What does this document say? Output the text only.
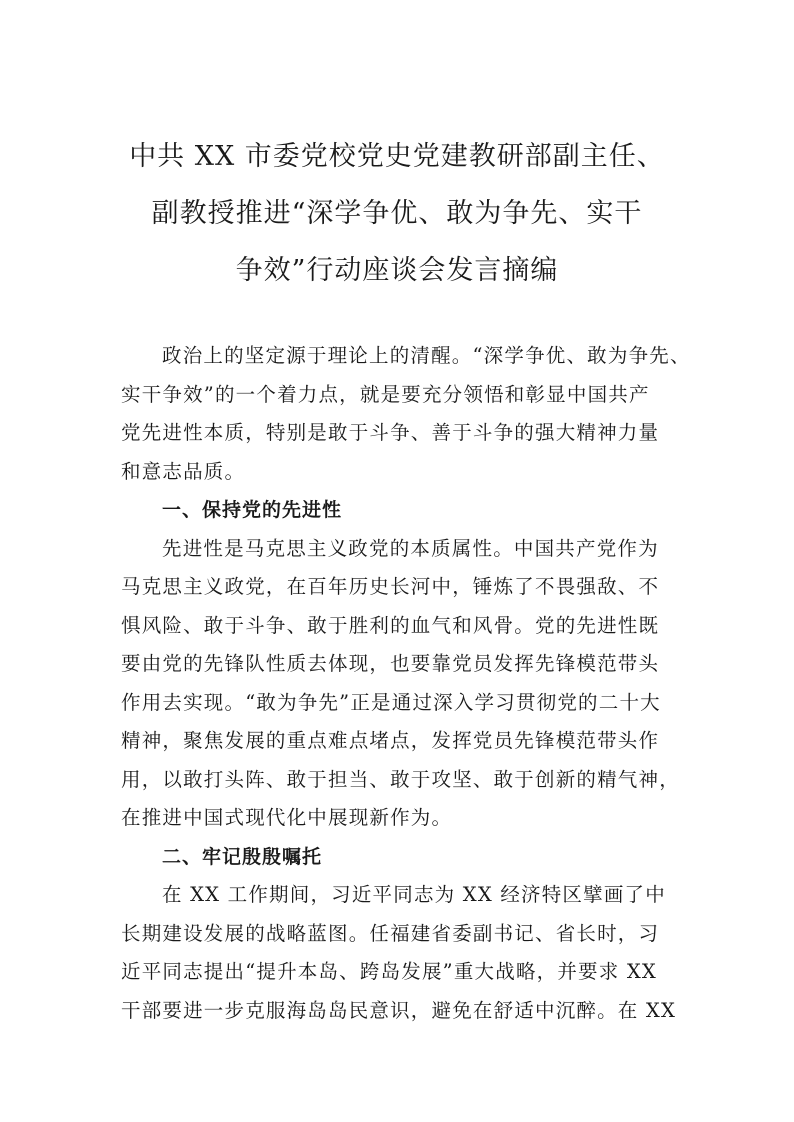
中共 XX 市委党校党史党建教研部副主任、
副教授推进“深学争优、敢为争先、实干
争效”行动座谈会发言摘编
政治上的坚定源于理论上的清醒。“深学争优、敢为争先、
实干争效”的一个着力点，就是要充分领悟和彰显中国共产
党先进性本质，特别是敢于斗争、善于斗争的强大精神力量
和意志品质。
一、保持党的先进性
先进性是马克思主义政党的本质属性。中国共产党作为
马克思主义政党，在百年历史长河中，锤炼了不畏强敌、不
惧风险、敢于斗争、敢于胜利的血气和风骨。党的先进性既
要由党的先锋队性质去体现，也要靠党员发挥先锋模范带头
作用去实现。“敢为争先”正是通过深入学习贯彻党的二十大
精神，聚焦发展的重点难点堵点，发挥党员先锋模范带头作
用，以敢打头阵、敢于担当、敢于攻坚、敢于创新的精气神，
在推进中国式现代化中展现新作为。
二、牢记殷殷嘱托
在 XX 工作期间，习近平同志为 XX 经济特区擘画了中
长期建设发展的战略蓝图。任福建省委副书记、省长时，习
近平同志提出“提升本岛、跨岛发展”重大战略，并要求 XX
干部要进一步克服海岛岛民意识，避免在舒适中沉醉。在 XX
